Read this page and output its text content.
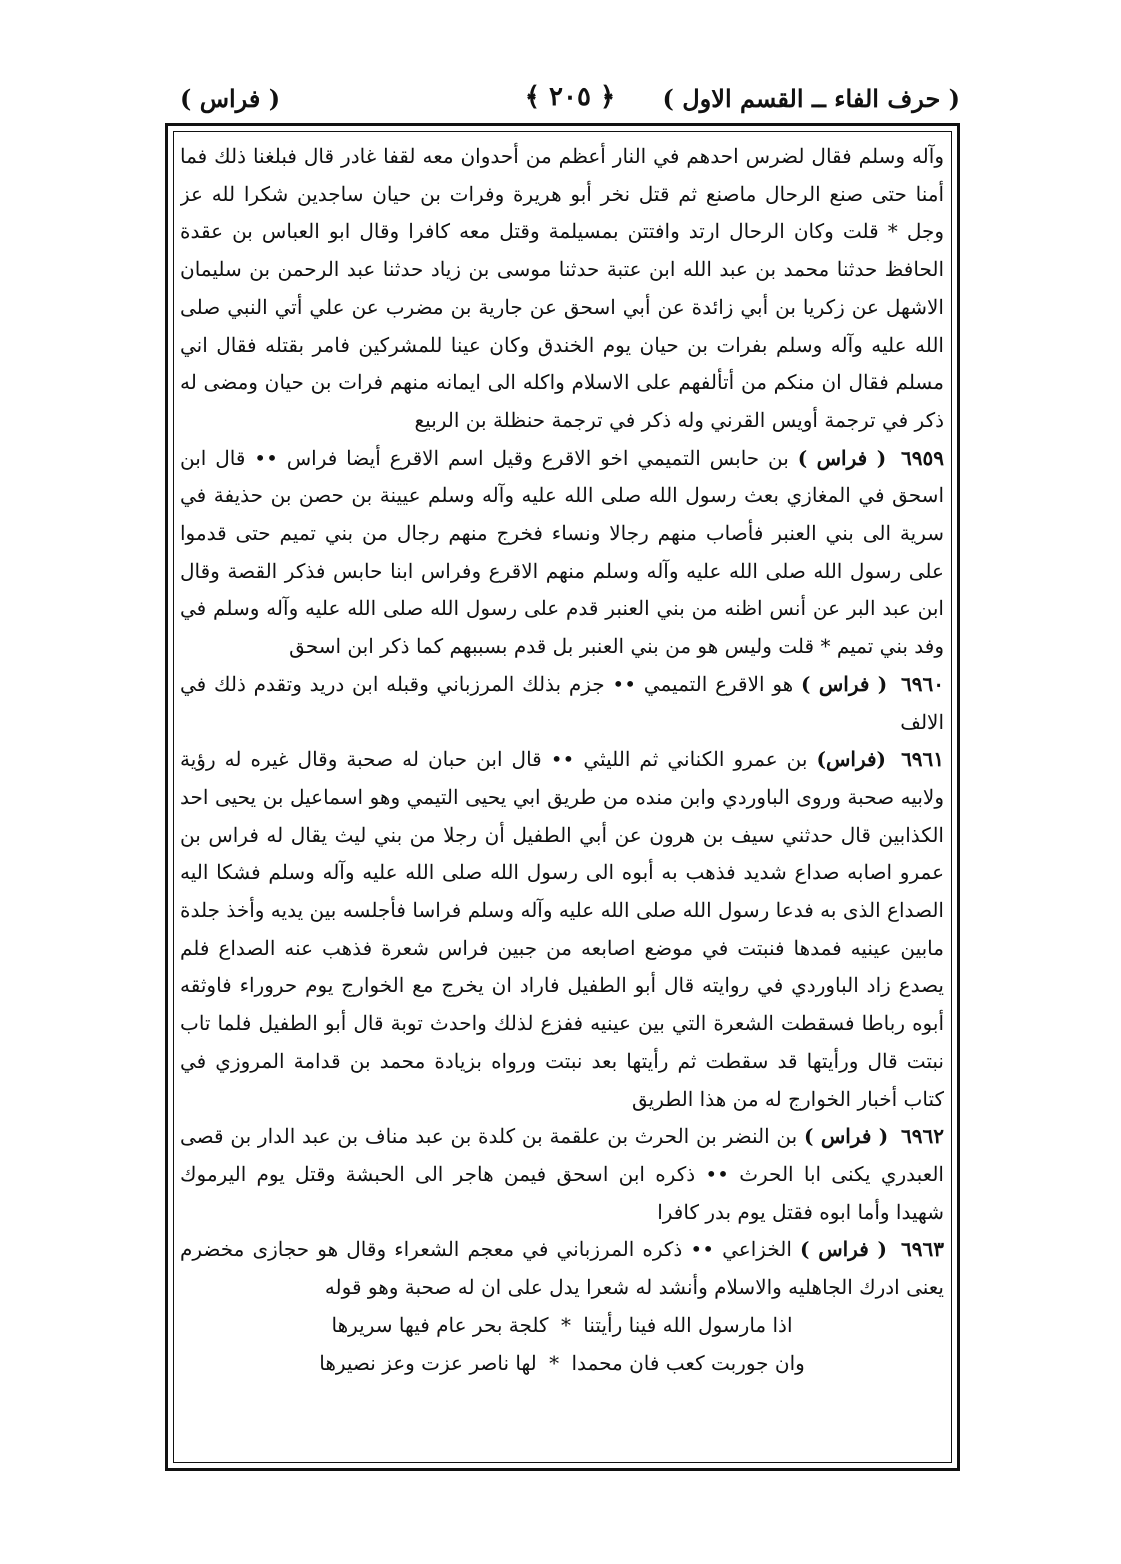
( حرف الفاء ــ القسم الاول )
﴿ ٢٠٥ ﴾
( فراس )

وآله وسلم فقال لضرس احدهم في النار أعظم من أحدوان معه لقفا غادر قال فبلغنا ذلك فما أمنا حتى صنع الرحال ماصنع ثم قتل نخر أبو هريرة وفرات بن حيان ساجدين شكرا لله عز وجل * قلت وكان الرحال ارتد وافتتن بمسيلمة وقتل معه كافرا وقال ابو العباس بن عقدة الحافظ حدثنا محمد بن عبد الله ابن عتبة حدثنا موسى بن زياد حدثنا عبد الرحمن بن سليمان الاشهل عن زكريا بن أبي زائدة عن أبي اسحق عن جارية بن مضرب عن علي أتي النبي صلى الله عليه وآله وسلم بفرات بن حيان يوم الخندق وكان عينا للمشركين فامر بقتله فقال اني مسلم فقال ان منكم من أتألفهم على الاسلام واكله الى ايمانه منهم فرات بن حيان ومضى له ذكر في ترجمة أويس القرني وله ذكر في ترجمة حنظلة بن الربيع

٦٩٥٩ ( فراس ) بن حابس التميمي اخو الاقرع وقيل اسم الاقرع أيضا فراس •• قال ابن اسحق في المغازي بعث رسول الله صلى الله عليه وآله وسلم عيينة بن حصن بن حذيفة في سرية الى بني العنبر فأصاب منهم رجالا ونساء فخرج منهم رجال من بني تميم حتى قدموا على رسول الله صلى الله عليه وآله وسلم منهم الاقرع وفراس ابنا حابس فذكر القصة وقال ابن عبد البر عن أنس اظنه من بني العنبر قدم على رسول الله صلى الله عليه وآله وسلم في وفد بني تميم * قلت وليس هو من بني العنبر بل قدم بسببهم كما ذكر ابن اسحق

٦٩٦٠ ( فراس ) هو الاقرع التميمي •• جزم بذلك المرزباني وقبله ابن دريد وتقدم ذلك في الالف

٦٩٦١ (فراس) بن عمرو الكناني ثم الليثي •• قال ابن حبان له صحبة وقال غيره له رؤية ولابيه صحبة وروى الباوردي وابن منده من طريق ابي يحيى التيمي وهو اسماعيل بن يحيى احد الكذابين قال حدثني سيف بن هرون عن أبي الطفيل أن رجلا من بني ليث يقال له فراس بن عمرو اصابه صداع شديد فذهب به أبوه الى رسول الله صلى الله عليه وآله وسلم فشكا اليه الصداع الذى به فدعا رسول الله صلى الله عليه وآله وسلم فراسا فأجلسه بين يديه وأخذ جلدة مابين عينيه فمدها فنبتت في موضع اصابعه من جبين فراس شعرة فذهب عنه الصداع فلم يصدع زاد الباوردي في روايته قال أبو الطفيل فاراد ان يخرج مع الخوارج يوم حروراء فاوثقه أبوه رباطا فسقطت الشعرة التي بين عينيه ففزع لذلك واحدث توبة قال أبو الطفيل فلما تاب نبتت قال ورأيتها قد سقطت ثم رأيتها بعد نبتت ورواه بزيادة محمد بن قدامة المروزي في كتاب أخبار الخوارج له من هذا الطريق

٦٩٦٢ ( فراس ) بن النضر بن الحرث بن علقمة بن كلدة بن عبد مناف بن عبد الدار بن قصى العبدري يكنى ابا الحرث •• ذكره ابن اسحق فيمن هاجر الى الحبشة وقتل يوم اليرموك شهيدا وأما ابوه فقتل يوم بدر كافرا

٦٩٦٣ ( فراس ) الخزاعي •• ذكره المرزباني في معجم الشعراء وقال هو حجازى مخضرم يعنى ادرك الجاهليه والاسلام وأنشد له شعرا يدل على ان له صحبة وهو قوله

اذا مارسول الله فينا رأيتنا * كلجة بحر عام فيها سريرها
وان جوربت كعب فان محمدا * لها ناصر عزت وعز نصيرها
